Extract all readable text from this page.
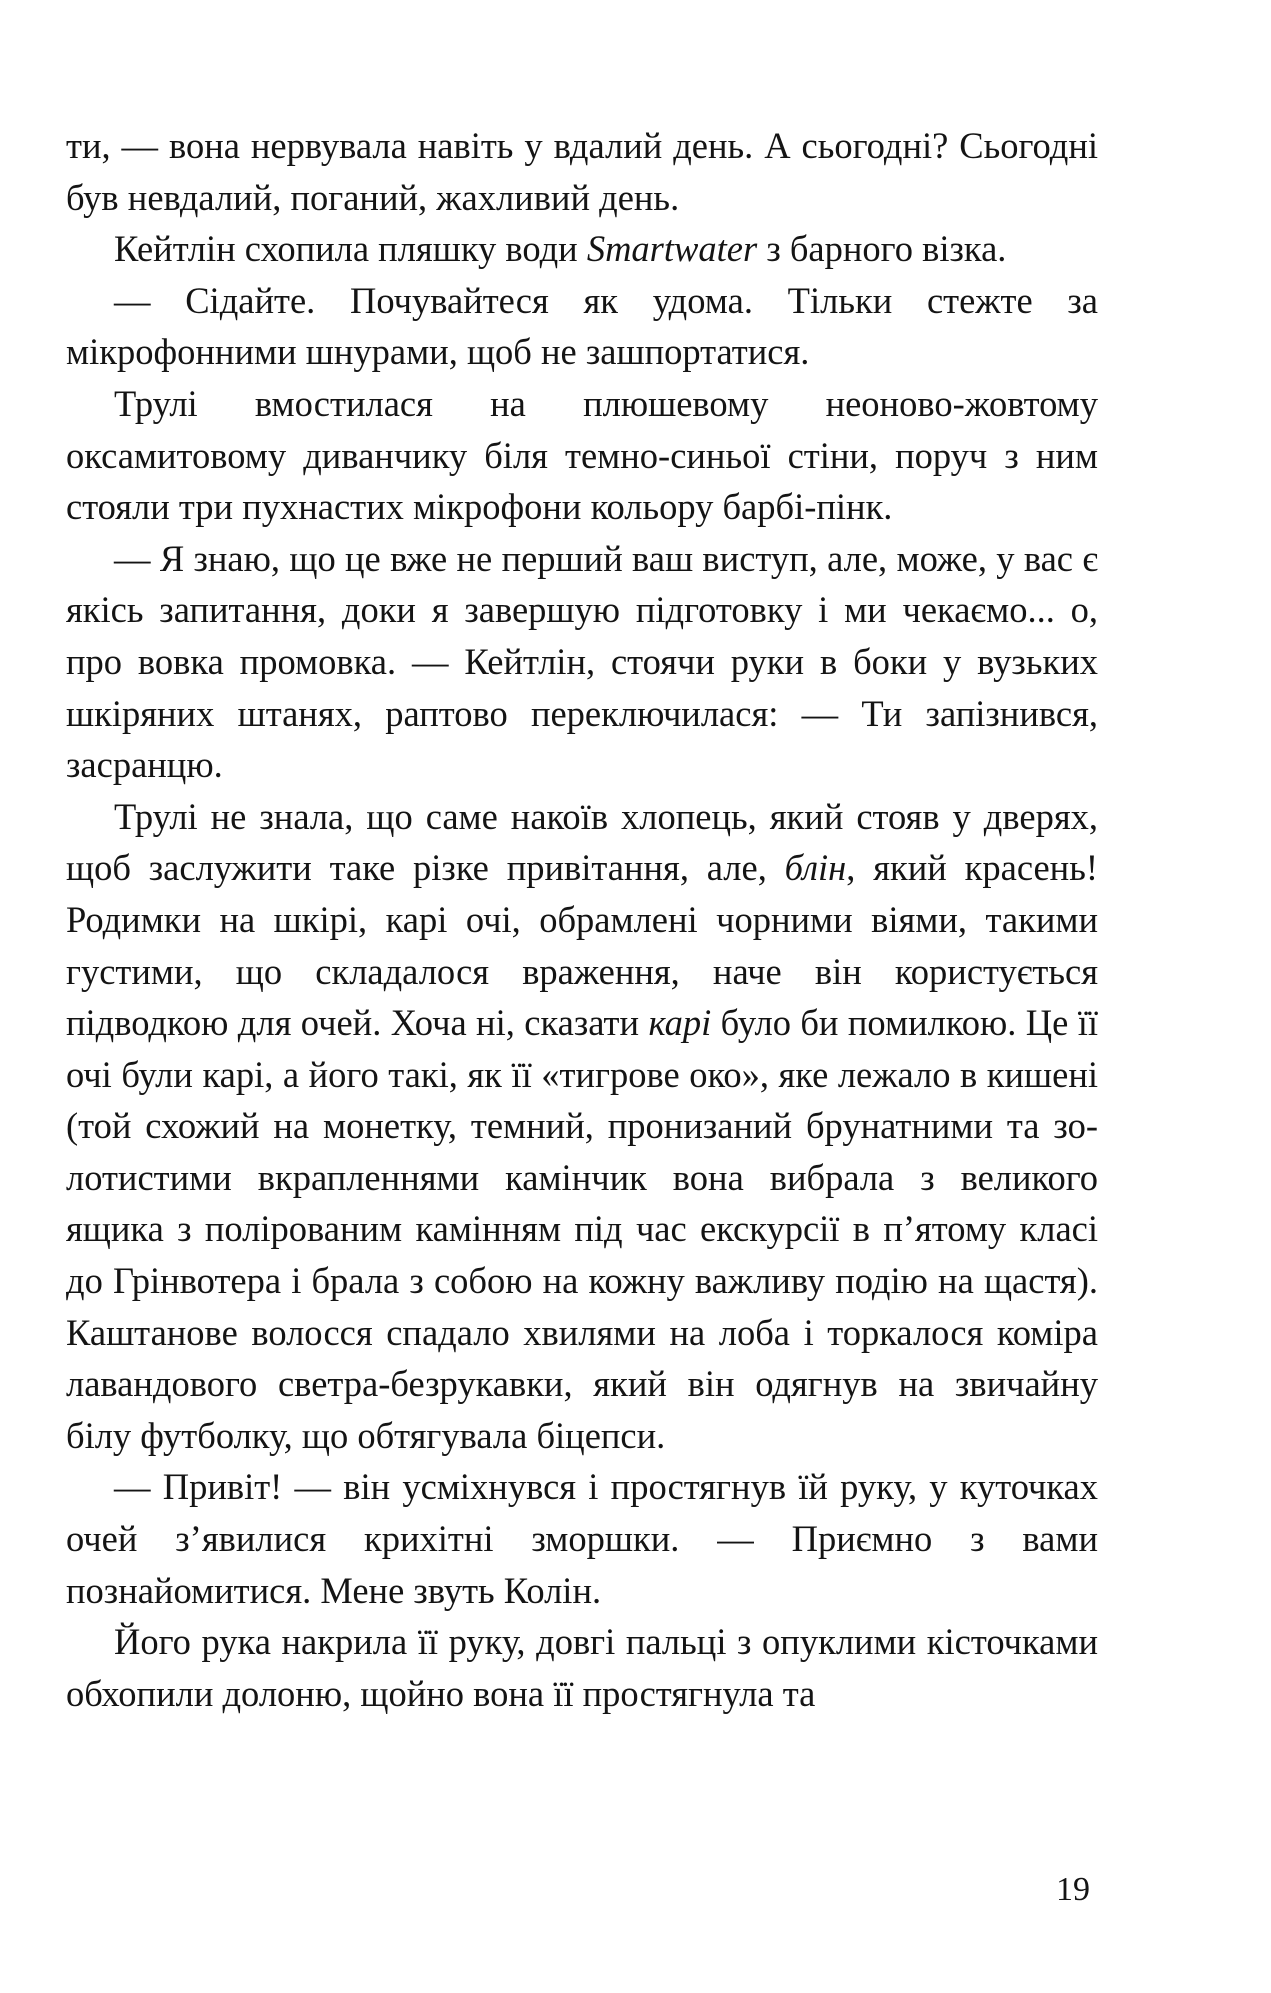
ти, — вона нервувала навіть у вдалий день. А сьогодні? Сьогодні був невдалий, поганий, жахливий день.

Кейтлін схопила пляшку води Smartwater з барного візка.

— Сідайте. Почувайтеся як удома. Тільки стежте за мікрофонними шнурами, щоб не зашпортатися.

Трулі вмостилася на плюшевому неоново-жовтому оксамитовому диванчику біля темно-синьої стіни, поруч з ним стояли три пухнастих мікрофони кольору барбі-пінк.

— Я знаю, що це вже не перший ваш виступ, але, може, у вас є якісь запитання, доки я завершую підготовку і ми чекаємо... о, про вовка промовка. — Кейтлін, стоячи руки в боки у вузьких шкіряних штанях, раптово переключилася: — Ти запізнився, засранцю.

Трулі не знала, що саме накоїв хлопець, який стояв у дверях, щоб заслужити таке різке привітання, але, блін, який красень! Родимки на шкірі, карі очі, обрамлені чорними віями, такими густими, що складалося враження, наче він користується підводкою для очей. Хоча ні, сказати карі було би помилкою. Це її очі були карі, а його такі, як її «тигрове око», яке лежало в кишені (той схожий на монетку, темний, пронизаний брунатними та золотистими вкрапленнями камінчик вона вибрала з великого ящика з полірованим камінням під час екскурсії в п’ятому класі до Грінвотера і брала з собою на кожну важливу подію на щастя). Каштанове волосся спадало хвилями на лоба і торкалося коміра лавандового светра-безрукавки, який він одягнув на звичайну білу футболку, що обтягувала біцепси.

— Привіт! — він усміхнувся і простягнув їй руку, у куточках очей з’явилися крихітні зморшки. — Приємно з вами познайомитися. Мене звуть Колін.

Його рука накрила її руку, довгі пальці з опуклими кісточками обхопили долоню, щойно вона її простягнула та

19
